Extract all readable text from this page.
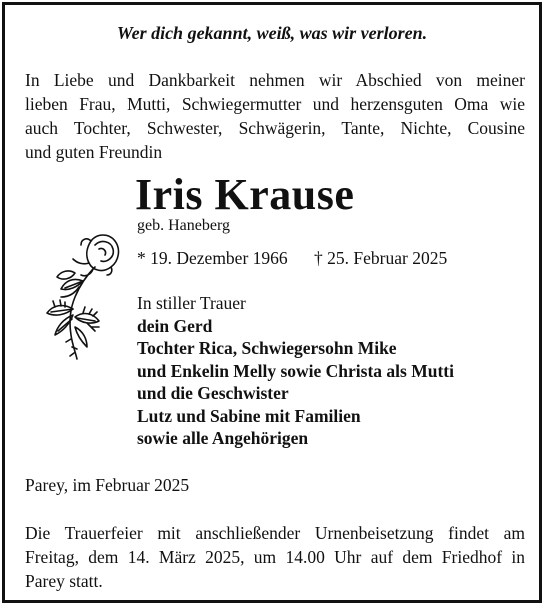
Wer dich gekannt, weiß, was wir verloren.
In Liebe und Dankbarkeit nehmen wir Abschied von meiner
lieben Frau, Mutti, Schwiegermutter und herzensguten Oma wie
auch Tochter, Schwester, Schwägerin, Tante, Nichte, Cousine
und guten Freundin
Iris Krause
geb. Haneberg
* 19. Dezember 1966 † 25. Februar 2025
In stiller Trauer
dein Gerd
Tochter Rica, Schwiegersohn Mike
und Enkelin Melly sowie Christa als Mutti
und die Geschwister
Lutz und Sabine mit Familien
sowie alle Angehörigen
Parey, im Februar 2025
Die Trauerfeier mit anschließender Urnenbeisetzung findet am
Freitag, dem 14. März 2025, um 14.00 Uhr auf dem Friedhof in
Parey statt.
